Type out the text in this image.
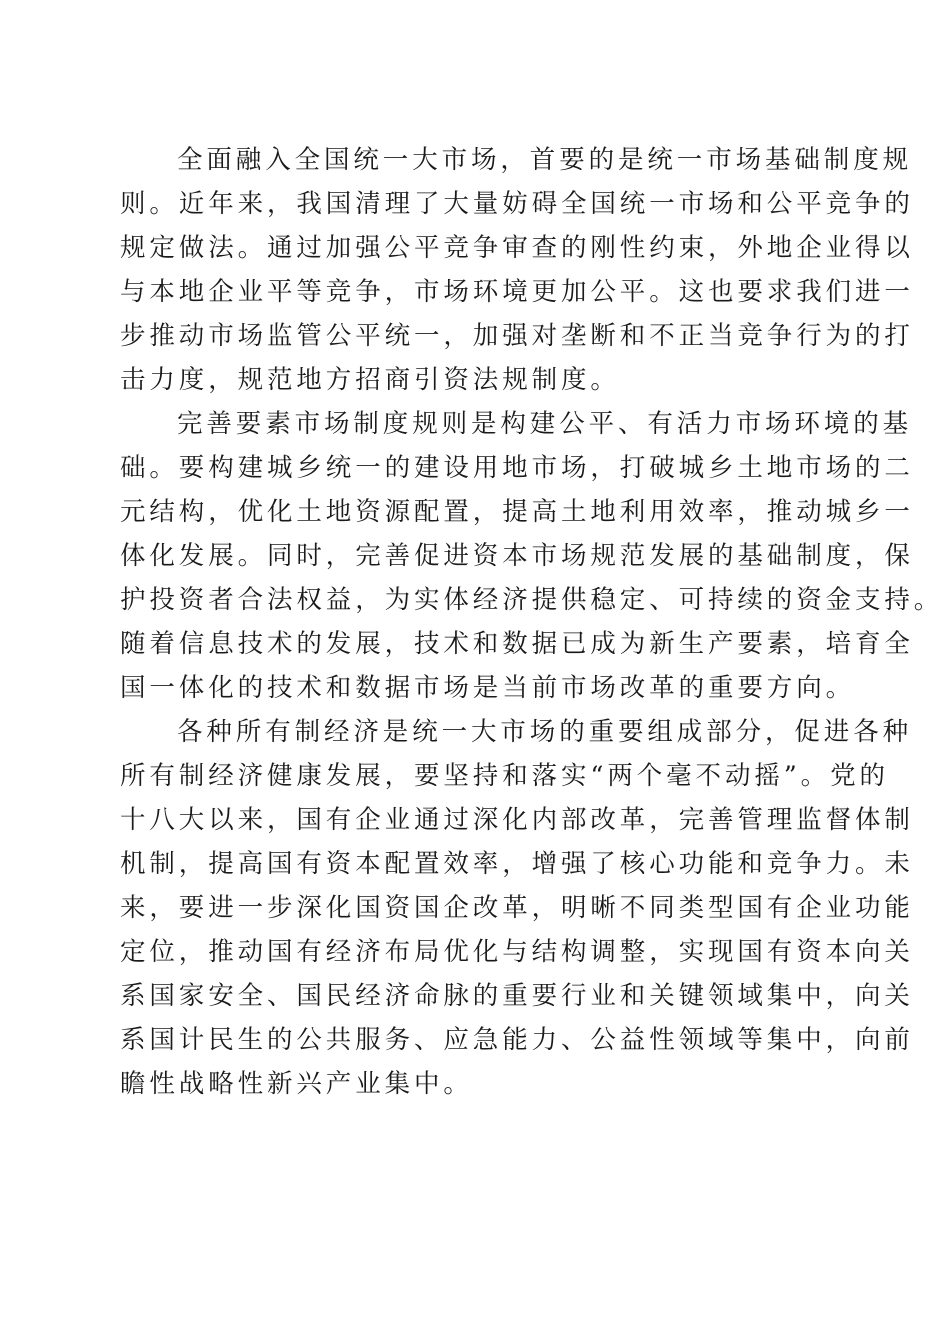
全面融入全国统一大市场，首要的是统一市场基础制度规
则。近年来，我国清理了大量妨碍全国统一市场和公平竞争的
规定做法。通过加强公平竞争审查的刚性约束，外地企业得以
与本地企业平等竞争，市场环境更加公平。这也要求我们进一
步推动市场监管公平统一，加强对垄断和不正当竞争行为的打
击力度，规范地方招商引资法规制度。
完善要素市场制度规则是构建公平、有活力市场环境的基
础。要构建城乡统一的建设用地市场，打破城乡土地市场的二
元结构，优化土地资源配置，提高土地利用效率，推动城乡一
体化发展。同时，完善促进资本市场规范发展的基础制度，保
护投资者合法权益，为实体经济提供稳定、可持续的资金支持。
随着信息技术的发展，技术和数据已成为新生产要素，培育全
国一体化的技术和数据市场是当前市场改革的重要方向。
各种所有制经济是统一大市场的重要组成部分，促进各种
所有制经济健康发展，要坚持和落实“两个毫不动摇”。党的
十八大以来，国有企业通过深化内部改革，完善管理监督体制
机制，提高国有资本配置效率，增强了核心功能和竞争力。未
来，要进一步深化国资国企改革，明晰不同类型国有企业功能
定位，推动国有经济布局优化与结构调整，实现国有资本向关
系国家安全、国民经济命脉的重要行业和关键领域集中，向关
系国计民生的公共服务、应急能力、公益性领域等集中，向前
瞻性战略性新兴产业集中。
